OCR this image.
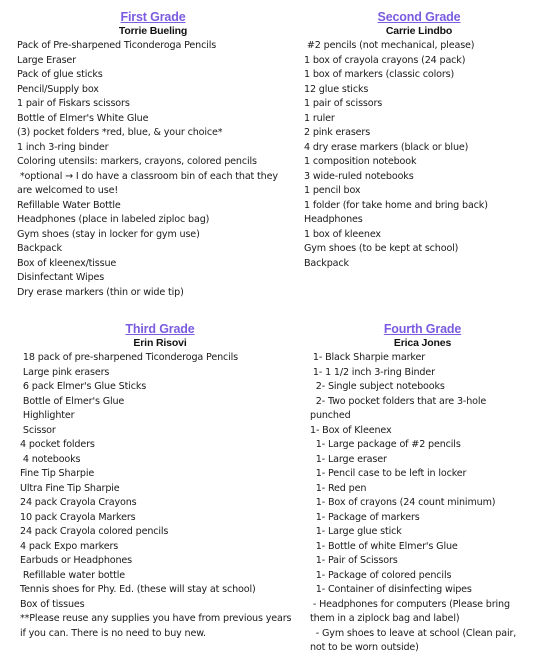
First Grade
Torrie Bueling
Pack of Pre-sharpened Ticonderoga Pencils
Large Eraser
Pack of glue sticks
Pencil/Supply box
1 pair of Fiskars scissors
Bottle of Elmer's White Glue
(3) pocket folders *red, blue, & your choice*
1 inch 3-ring binder
Coloring utensils: markers, crayons, colored pencils
*optional → I do have a classroom bin of each that they
are welcomed to use!
Refillable Water Bottle
Headphones (place in labeled ziploc bag)
Gym shoes (stay in locker for gym use)
Backpack
Box of kleenex/tissue
Disinfectant Wipes
Dry erase markers (thin or wide tip)
Second Grade
Carrie Lindbo
#2 pencils (not mechanical, please)
1 box of crayola crayons (24 pack)
1 box of markers (classic colors)
12 glue sticks
1 pair of scissors
1 ruler
2 pink erasers
4 dry erase markers (black or blue)
1 composition notebook
3 wide-ruled notebooks
1 pencil box
1 folder (for take home and bring back)
Headphones
1 box of kleenex
Gym shoes (to be kept at school)
Backpack
Third Grade
Erin Risovi
18 pack of pre-sharpened Ticonderoga Pencils
Large pink erasers
6 pack Elmer's Glue Sticks
Bottle of Elmer's Glue
Highlighter
Scissor
4 pocket folders
4 notebooks
Fine Tip Sharpie
Ultra Fine Tip Sharpie
24 pack Crayola Crayons
10 pack Crayola Markers
24 pack Crayola colored pencils
4 pack Expo markers
Earbuds or Headphones
Refillable water bottle
Tennis shoes for Phy. Ed. (these will stay at school)
Box of tissues
**Please reuse any supplies you have from previous years
if you can. There is no need to buy new.
Fourth Grade
Erica Jones
1- Black Sharpie marker
1- 1 1/2 inch 3-ring Binder
2- Single subject notebooks
2- Two pocket folders that are 3-hole
punched
1- Box of Kleenex
1- Large package of #2 pencils
1- Large eraser
1- Pencil case to be left in locker
1- Red pen
1- Box of crayons (24 count minimum)
1- Package of markers
1- Large glue stick
1- Bottle of white Elmer's Glue
1- Pair of Scissors
1- Package of colored pencils
1- Container of disinfecting wipes
- Headphones for computers (Please bring
them in a ziplock bag and label)
- Gym shoes to leave at school (Clean pair,
not to be worn outside)
